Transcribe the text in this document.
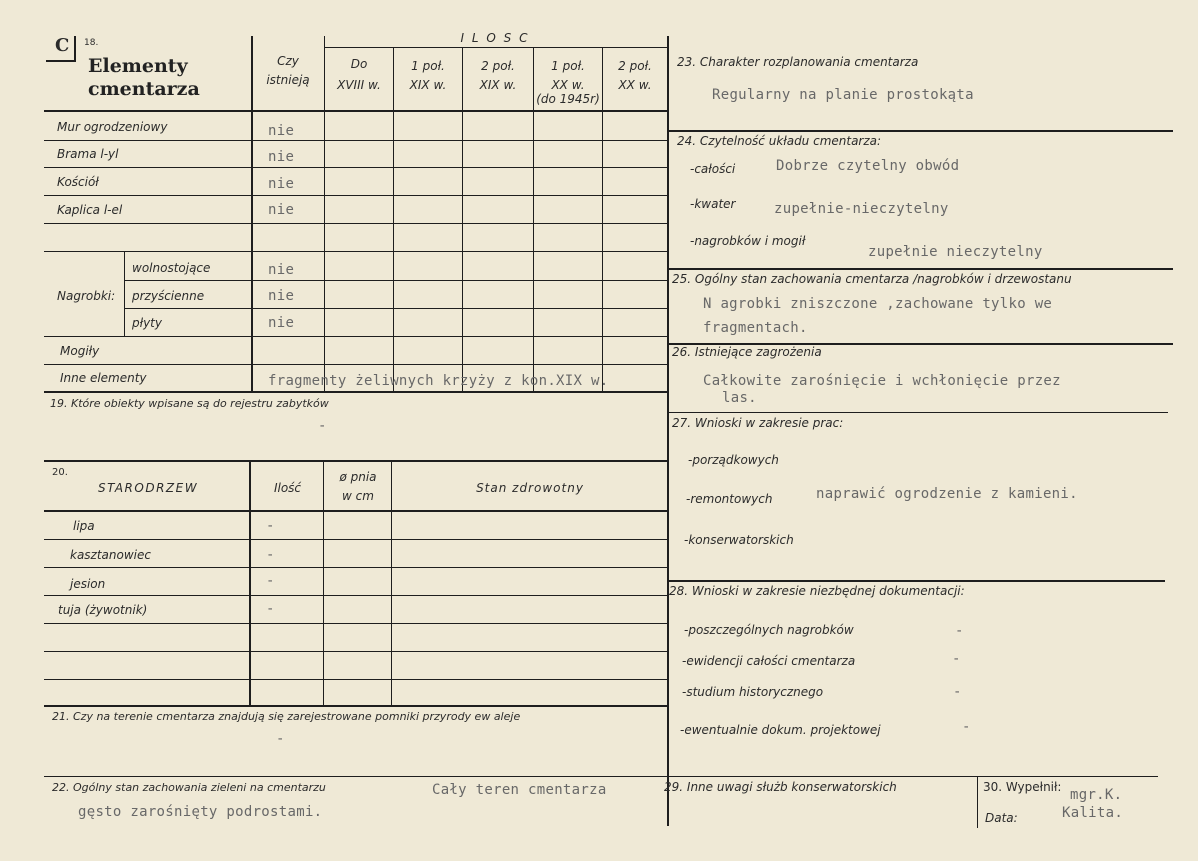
C 18.
Elementy
cmentarza
Czy
istnieją
I L O S C
Do
XVIII w.
1 poł.
XIX w.
2 poł.
XIX w.
1 poł.
XX w.
(do 1945r)
2 poł.
XX w.
Mur ogrodzeniowy	nie
Brama l-yl	nie
Kościół	nie
Kaplica l-el	nie
Nagrobki:
wolnostojące	nie
przyścienne	nie
płyty	nie
Mogiły
Inne elementy	fragmenty żeliwnych krzyży z kon.XIX w.
19. Które obiekty wpisane są do rejestru zabytków
-
20.
STARODRZEW	Ilość
ø pnia
w cm
Stan zdrowotny
lipa	-
kasztanowiec	-
jesion	-
tuja (żywotnik)	-
21. Czy na terenie cmentarza znajdują się zarejestrowane pomniki przyrody ew aleje
-
22. Ogólny stan zachowania zieleni na cmentarzu	Cały teren cmentarza
gęsto zarośnięty podrostami.
23. Charakter rozplanowania cmentarza
Regularny na planie prostokąta
24. Czytelność układu cmentarza:
-całości	Dobrze czytelny obwód
-kwater	zupełnie-nieczytelny
-nagrobków i mogił
zupełnie nieczytelny
25. Ogólny stan zachowania cmentarza /nagrobków i drzewostanu
N agrobki zniszczone ,zachowane tylko we
fragmentach.
26. Istniejące zagrożenia
Całkowite zarośnięcie i wchłonięcie przez
las.
27. Wnioski w zakresie prac:
-porządkowych
-remontowych	naprawić ogrodzenie z kamieni.
-konserwatorskich
28. Wnioski w zakresie niezbędnej dokumentacji:
-poszczególnych nagrobków	-
-ewidencji całości cmentarza	-
-studium historycznego	-
-ewentualnie dokum. projektowej	-
29. Inne uwagi służb konserwatorskich	30. Wypełnił: mgr.K.
Data:	Kalita.
